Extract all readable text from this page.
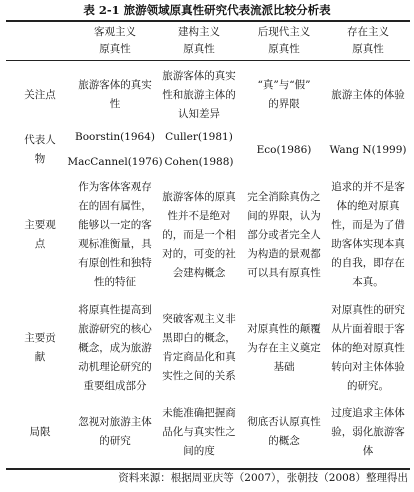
表 2-1 旅游领域原真性研究代表流派比较分析表
客观主义
原真性
建构主义
原真性
后现代主义
原真性
存在主义
原真性
关注点
旅游客体的真实
性
旅游客体的真实
性和旅游主体的
认知差异
“真”与“假”
的界限
旅游主体的体验
代表人
物
Boorstin(1964)
MacCannel(1976)
Culler(1981)
Cohen(1988)
Eco(1986) Wang N(1999)
主要观
点
作为客体客观存
在的固有属性，
能够以一定的客
观标准衡量，具
有原创性和独特
性的特征
旅游客体的原真
性并不是绝对
的，而是一个相
对的，可变的社
会建构概念
完全消除真伪之
间的界限，认为
部分或者完全人
为构造的景观都
可以具有原真性
追求的并不是客
体的绝对原真
性，而是为了借
助客体实现本真
的自我，即存在
本真。
主要贡
献
将原真性提高到
旅游研究的核心
概念，成为旅游
动机理论研究的
重要组成部分
突破客观主义非
黑即白的概念，
肯定商品化和真
实性之间的关系
对原真性的颠覆
为存在主义奠定
基础
对原真性的研究
从片面着眼于客
体的绝对原真性
转向对主体体验
的研究。
局限
忽视对旅游主体
的研究
未能准确把握商
品化与真实性之
间的度
彻底否认原真性
的概念
过度追求主体体
验，弱化旅游客
体
资料来源：根据周亚庆等（2007），张朝技（2008）整理得出
